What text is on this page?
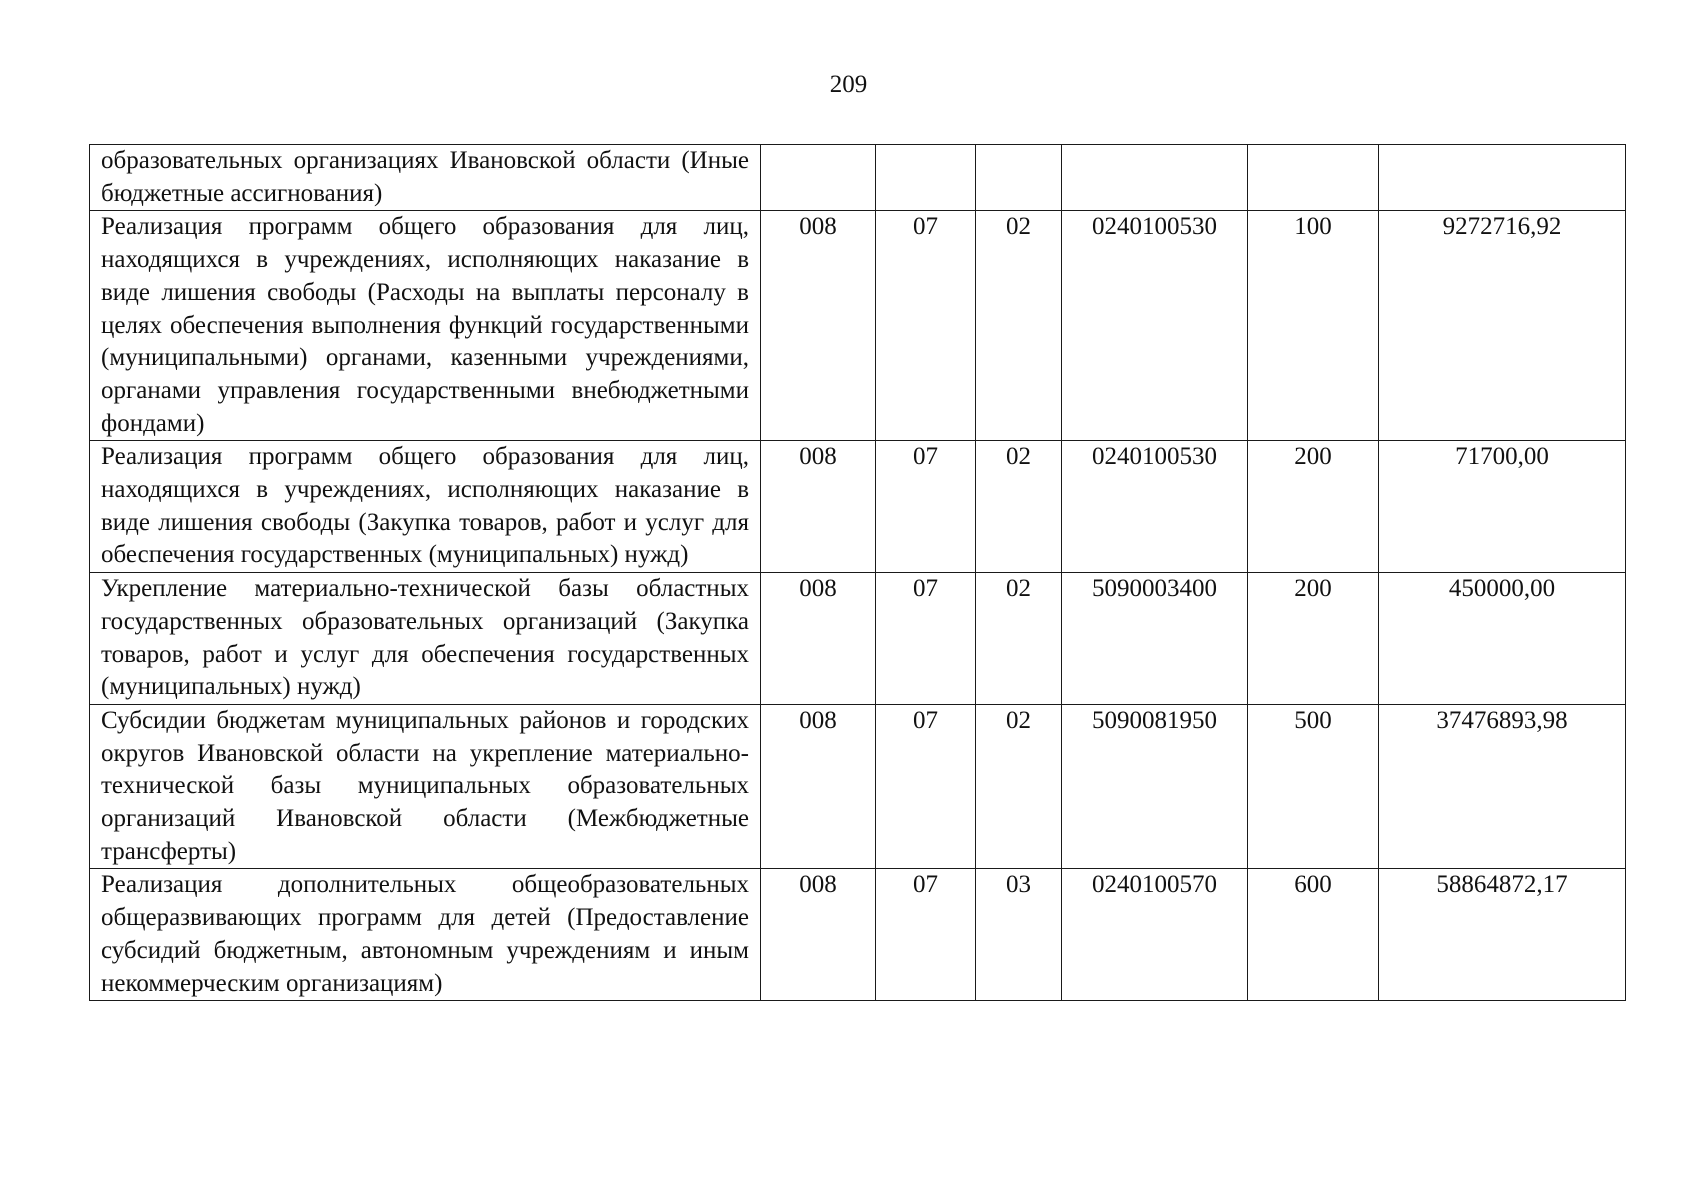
209
образовательных организациях Ивановской области (Иные бюджетные ассигнования)						
Реализация программ общего образования для лиц, находящихся в учреждениях, исполняющих наказание в виде лишения свободы (Расходы на выплаты персоналу в целях обеспечения выполнения функций государственными (муниципальными) органами, казенными учреждениями, органами управления государственными внебюджетными фондами)	008	07	02	0240100530	100	9272716,92
Реализация программ общего образования для лиц, находящихся в учреждениях, исполняющих наказание в виде лишения свободы (Закупка товаров, работ и услуг для обеспечения государственных (муниципальных) нужд)	008	07	02	0240100530	200	71700,00
Укрепление материально-технической базы областных государственных образовательных организаций (Закупка товаров, работ и услуг для обеспечения государственных (муниципальных) нужд)	008	07	02	5090003400	200	450000,00
Субсидии бюджетам муниципальных районов и городских округов Ивановской области на укрепление материально-технической базы муниципальных образовательных организаций Ивановской области (Межбюджетные трансферты)	008	07	02	5090081950	500	37476893,98
Реализация дополнительных общеобразовательных общеразвивающих программ для детей (Предоставление субсидий бюджетным, автономным учреждениям и иным некоммерческим организациям)	008	07	03	0240100570	600	58864872,17
